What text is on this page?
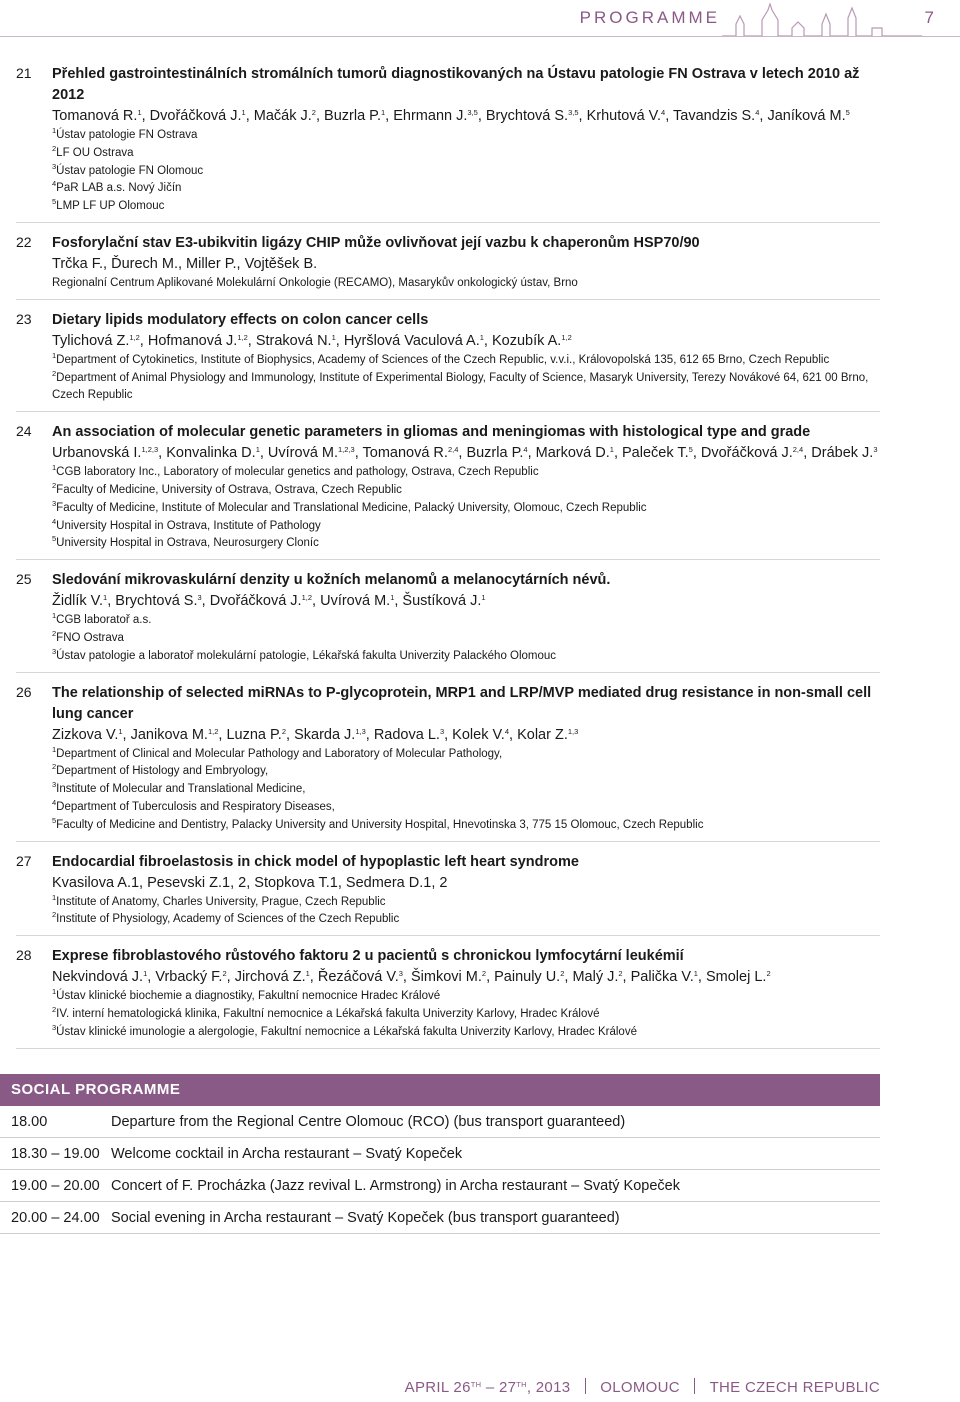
PROGRAMME	7
21 Přehled gastrointestinálních stromálních tumorů diagnostikovaných na Ústavu patologie FN Ostrava v letech 2010 až 2012
Tomanová R.$^1$, Dvořáčková J.$^1$, Mačák J.$^2$, Buzrla P.$^1$, Ehrmann J.$^{3,5}$, Brychtová S.$^{3,5}$, Krhutová V.$^4$, Tavandzis S.$^4$, Janíková M.$^5$
$^1$Ústav patologie FN Ostrava
$^2$LF OU Ostrava
$^3$Ústav patologie FN Olomouc
$^4$PaR LAB a.s. Nový Jičín
$^5$LMP LF UP Olomouc
22 Fosforylační stav E3-ubikvitin ligázy CHIP může ovlivňovat její vazbu k chaperonům HSP70/90
Trčka F., Ďurech M., Miller P., Vojtěšek B.
Regionalní Centrum Aplikované Molekulární Onkologie (RECAMO), Masarykův onkologický ústav, Brno
23 Dietary lipids modulatory effects on colon cancer cells
Tylichová Z.$^{1,2}$, Hofmanová J.$^{1,2}$, Straková N.$^1$, Hyršlová Vaculová A.$^1$, Kozubík A.$^{1,2}$
$^1$Department of Cytokinetics, Institute of Biophysics, Academy of Sciences of the Czech Republic, v.v.i., Královopolská 135, 612 65 Brno, Czech Republic
$^2$Department of Animal Physiology and Immunology, Institute of Experimental Biology, Faculty of Science, Masaryk University, Terezy Novákové 64, 621 00 Brno, Czech Republic
24 An association of molecular genetic parameters in gliomas and meningiomas with histological type and grade
Urbanovská I.$^{1,2,3}$, Konvalinka D.$^1$, Uvírová M.$^{1,2,3}$, Tomanová R.$^{2,4}$, Buzrla P.$^4$, Marková D.$^1$, Paleček T.$^5$, Dvořáčková J.$^{2,4}$, Drábek J.$^3$
$^1$CGB laboratory Inc., Laboratory of molecular genetics and pathology, Ostrava, Czech Republic
$^2$Faculty of Medicine, University of Ostrava, Ostrava, Czech Republic
$^3$Faculty of Medicine, Institute of Molecular and Translational Medicine, Palacký University, Olomouc, Czech Republic
$^4$University Hospital in Ostrava, Institute of Pathology
$^5$University Hospital in Ostrava, Neurosurgery Cloníc
25 Sledování mikrovaskulární denzity u kožních melanomů a melanocytárních névů.
Židlík V.$^1$, Brychtová S.$^3$, Dvořáčková J.$^{1,2}$, Uvírová M.$^1$, Šustíková J.$^1$
$^1$CGB laboratoř a.s.
$^2$FNO Ostrava
$^3$Ústav patologie a laboratoř molekulární patologie, Lékařská fakulta Univerzity Palackého Olomouc
26 The relationship of selected miRNAs to P-glycoprotein, MRP1 and LRP/MVP mediated drug resistance in non-small cell lung cancer
Zizkova V.$^1$, Janikova M.$^{1,2}$, Luzna P.$^2$, Skarda J.$^{1,3}$, Radova L.$^3$, Kolek V.$^4$, Kolar Z.$^{1,3}$
$^1$Department of Clinical and Molecular Pathology and Laboratory of Molecular Pathology,
$^2$Department of Histology and Embryology,
$^3$Institute of Molecular and Translational Medicine,
$^4$Department of Tuberculosis and Respiratory Diseases,
$^5$Faculty of Medicine and Dentistry, Palacky University and University Hospital, Hnevotinska 3, 775 15 Olomouc, Czech Republic
27 Endocardial fibroelastosis in chick model of hypoplastic left heart syndrome
Kvasilova A.1, Pesevski Z.1, 2, Stopkova T.1, Sedmera D.1, 2
$^1$Institute of Anatomy, Charles University, Prague, Czech Republic
$^2$Institute of Physiology, Academy of Sciences of the Czech Republic
28 Exprese fibroblastového růstového faktoru 2 u pacientů s chronickou lymfocytární leukémií
Nekvindová J.$^1$, Vrbacký F.$^2$, Jirchová Z.$^1$, Řezáčová V.$^3$, Šimkovi M.$^2$, Painuly U.$^2$, Malý J.$^2$, Palička V.$^1$, Smolej L.$^2$
$^1$Ústav klinické biochemie a diagnostiky, Fakultní nemocnice Hradec Králové
$^2$IV. interní hematologická klinika, Fakultní nemocnice a Lékařská fakulta Univerzity Karlovy, Hradec Králové
$^3$Ústav klinické imunologie a alergologie, Fakultní nemocnice a Lékařská fakulta Univerzity Karlovy, Hradec Králové
SOCIAL PROGRAMME
18.00	Departure from the Regional Centre Olomouc (RCO) (bus transport guaranteed)
18.30 – 19.00 Welcome cocktail in Archa restaurant – Svatý Kopeček
19.00 – 20.00 Concert of F. Procházka (Jazz revival L. Armstrong) in Archa restaurant – Svatý Kopeček
20.00 – 24.00 Social evening in Archa restaurant – Svatý Kopeček (bus transport guaranteed)
APRIL 26TH – 27TH, 2013 OLOMOUC THE CZECH REPUBLIC
